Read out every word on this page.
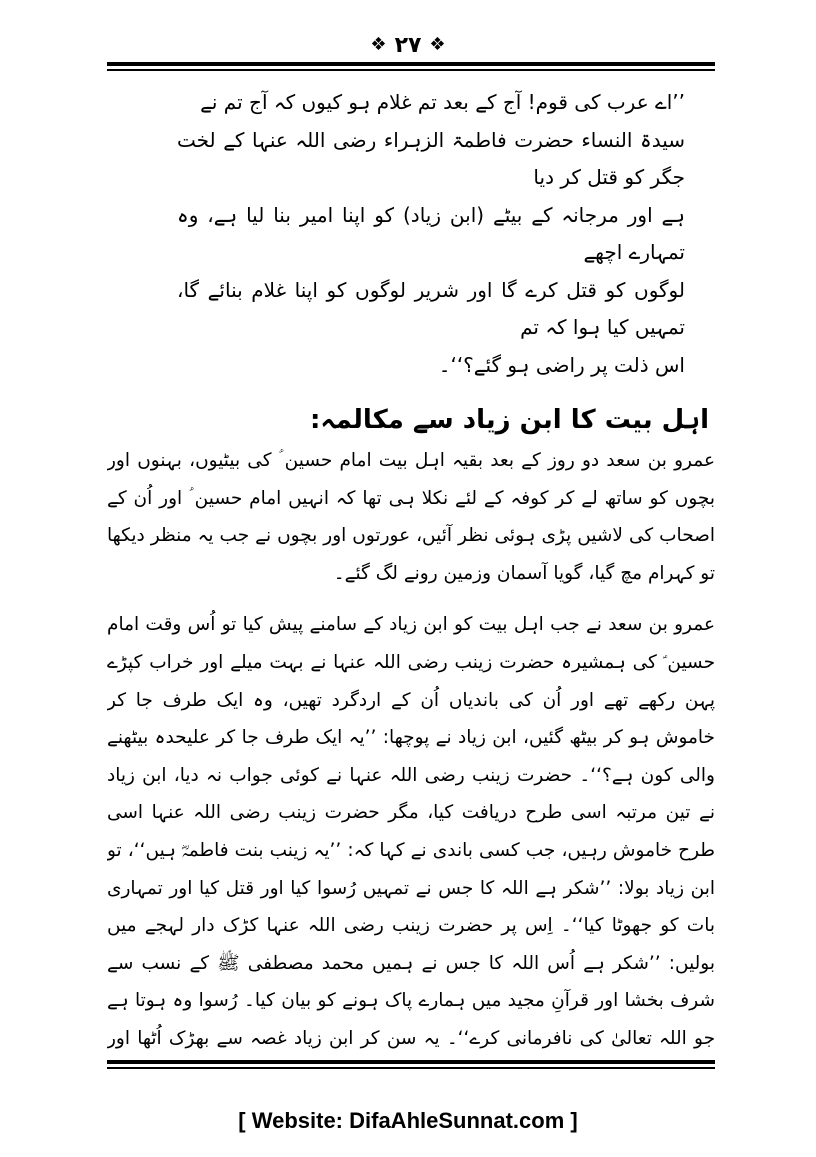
❖ ۲۷ ❖

’’اے عرب کی قوم! آج کے بعد تم غلام ہو کیوں کہ آج تم نے

سیدۃ النساء حضرت فاطمۃ الزہراء رضی اللہ عنہا کے لخت جگر کو قتل کر دیا

ہے اور مرجانہ کے بیٹے (ابن زیاد) کو اپنا امیر بنا لیا ہے، وہ تمہارے اچھے

لوگوں کو قتل کرے گا اور شریر لوگوں کو اپنا غلام بنائے گا، تمہیں کیا ہوا کہ تم

اس ذلت پر راضی ہو گئے؟‘‘۔

اہل بیت کا ابن زیاد سے مکالمہ:

عمرو بن سعد دو روز کے بعد بقیہ اہل بیت امام حسین ؑ کی بیٹیوں، بہنوں اور بچوں کو ساتھ لے کر کوفہ کے لئے نکلا ہی تھا کہ انہیں امام حسین ؑ اور اُن کے اصحاب کی لاشیں پڑی ہوئی نظر آئیں، عورتوں اور بچوں نے جب یہ منظر دیکھا تو کہرام مچ گیا، گویا آسمان وزمین رونے لگ گئے۔

عمرو بن سعد نے جب اہل بیت کو ابن زیاد کے سامنے پیش کیا تو اُس وقت امام حسین ؑ کی ہمشیرہ حضرت زینب رضی اللہ عنہا نے بہت میلے اور خراب کپڑے پہن رکھے تھے اور اُن کی باندیاں اُن کے اردگرد تھیں، وہ ایک طرف جا کر خاموش ہو کر بیٹھ گئیں، ابن زیاد نے پوچھا: ’’یہ ایک طرف جا کر علیحدہ بیٹھنے والی کون ہے؟‘‘۔ حضرت زینب رضی اللہ عنہا نے کوئی جواب نہ دیا، ابن زیاد نے تین مرتبہ اسی طرح دریافت کیا، مگر حضرت زینب رضی اللہ عنہا اسی طرح خاموش رہیں، جب کسی باندی نے کہا کہ: ’’یہ زینب بنت فاطمہؓ ہیں‘‘، تو ابن زیاد بولا: ’’شکر ہے اللہ کا جس نے تمہیں رُسوا کیا اور قتل کیا اور تمہاری بات کو جھوٹا کیا‘‘۔ اِس پر حضرت زینب رضی اللہ عنہا کڑک دار لہجے میں بولیں: ’’شکر ہے اُس اللہ کا جس نے ہمیں محمد مصطفی ﷺ کے نسب سے شرف بخشا اور قرآنِ مجید میں ہمارے پاک ہونے کو بیان کیا۔ رُسوا وہ ہوتا ہے جو اللہ تعالیٰ کی نافرمانی کرے‘‘۔ یہ سن کر ابن زیاد غصہ سے بھڑک اُٹھا اور

[ Website: DifaAhleSunnat.com ]
